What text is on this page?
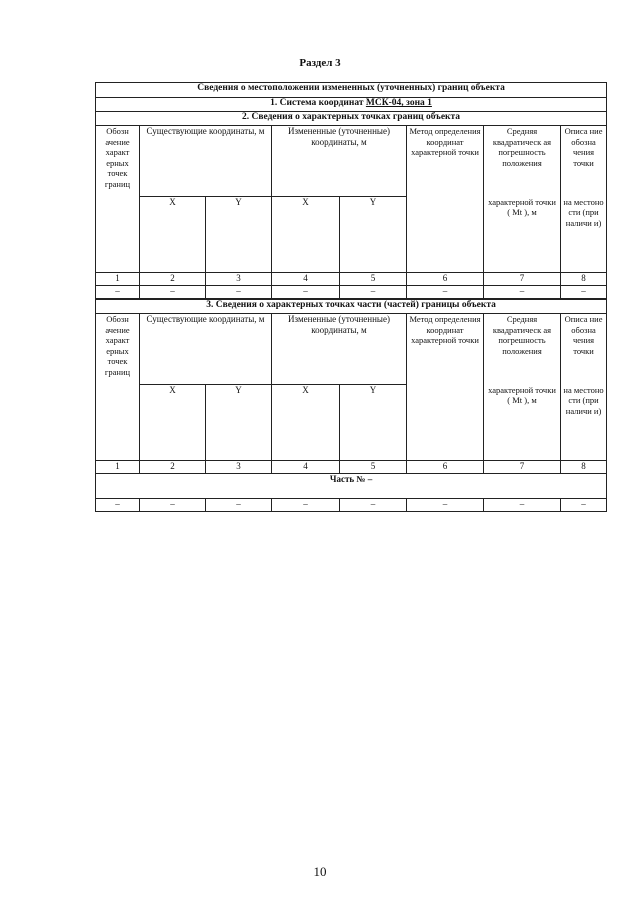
Раздел 3
Сведения о местоположении измененных (уточненных) границ объекта							
1. Система координат МСК-04, зона 1							
2. Сведения о характерных точках границ объекта							
Обозн ачение характ ерных точек границ	Существующие координаты, м		Измененные (уточненные) координаты, м		Метод определения координат характерной точки	Средняя квадратическ ая погрешность положения	Описа ние обозна чения точки
	X	Y	X	Y		характерной точки ( Mt ), м	на местоно сти (при наличи и)
1	2	3	4	5	6	7	8
–	–	–	–	–	–	–	–
3. Сведения о характерных точках части (частей) границы объекта							
Обозн ачение характ ерных точек границ	Существующие координаты, м		Измененные (уточненные) координаты, м		Метод определения координат характерной точки	Средняя квадратическ ая погрешность положения	Описа ние обозна чения точки
	X	Y	X	Y		характерной точки ( Mt ), м	на местоно сти (при наличи и)
1	2	3	4	5	6	7	8
Часть № –							
–	–	–	–	–	–	–	–
10
